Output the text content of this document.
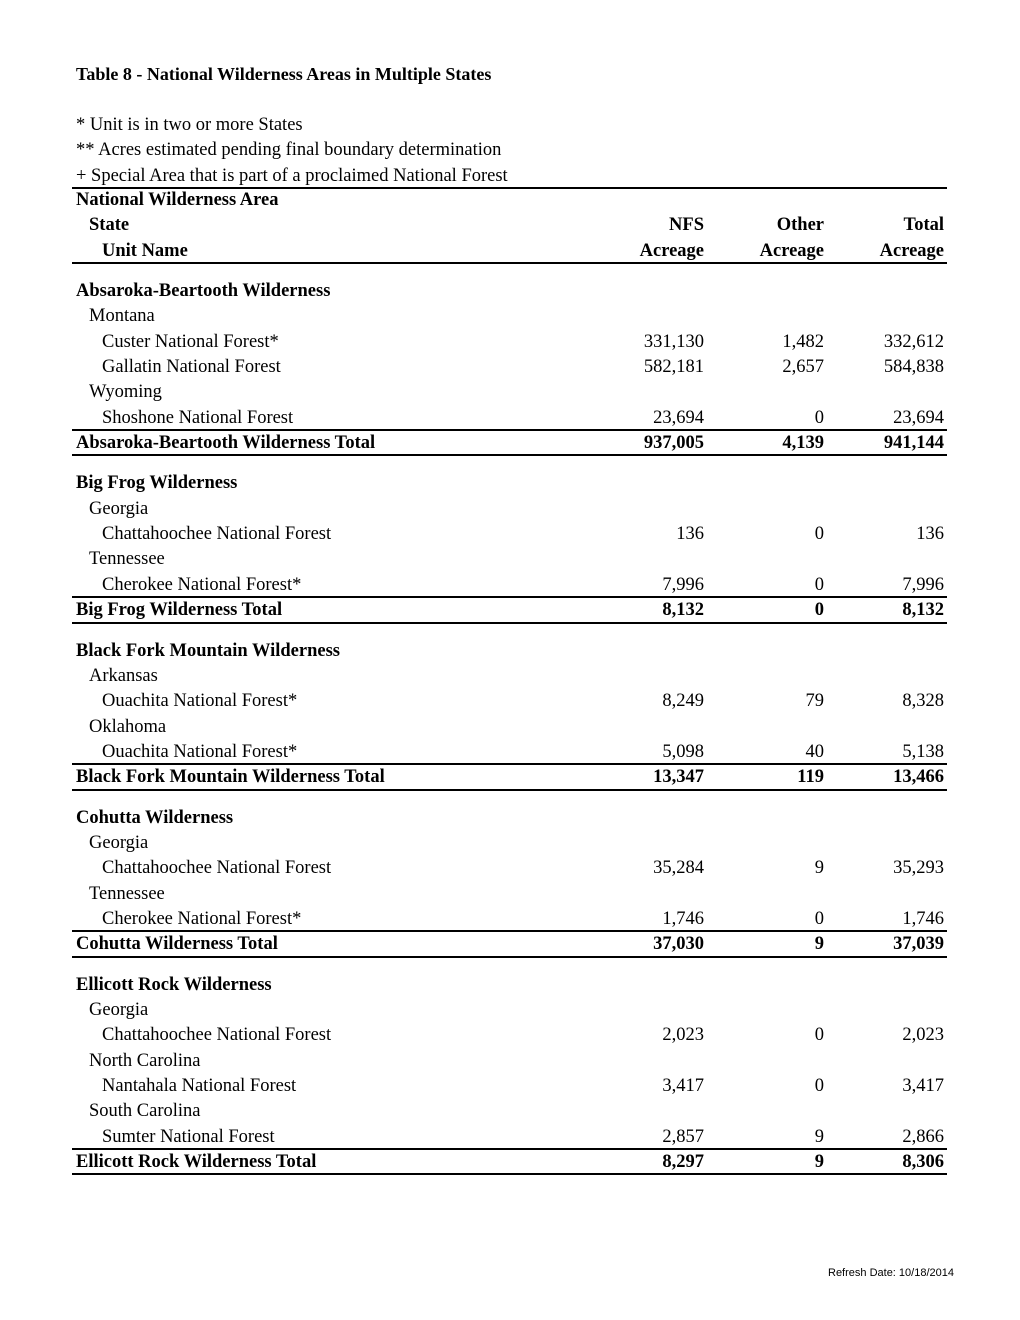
Table 8 - National Wilderness Areas in Multiple States
* Unit is in two or more States
** Acres estimated pending final boundary determination
+ Special Area that is part of a proclaimed National Forest
National Wilderness Area
State	NFS	Other	Total
Unit Name	Acreage	Acreage	Acreage
Absaroka-Beartooth Wilderness
Montana
Custer National Forest*	331,130	1,482	332,612
Gallatin National Forest	582,181	2,657	584,838
Wyoming
Shoshone National Forest	23,694	0	23,694
Absaroka-Beartooth Wilderness Total	937,005	4,139	941,144
Big Frog Wilderness
Georgia
Chattahoochee National Forest	136	0	136
Tennessee
Cherokee National Forest*	7,996	0	7,996
Big Frog Wilderness Total	8,132	0	8,132
Black Fork Mountain Wilderness
Arkansas
Ouachita National Forest*	8,249	79	8,328
Oklahoma
Ouachita National Forest*	5,098	40	5,138
Black Fork Mountain Wilderness Total	13,347	119	13,466
Cohutta Wilderness
Georgia
Chattahoochee National Forest	35,284	9	35,293
Tennessee
Cherokee National Forest*	1,746	0	1,746
Cohutta Wilderness Total	37,030	9	37,039
Ellicott Rock Wilderness
Georgia
Chattahoochee National Forest	2,023	0	2,023
North Carolina
Nantahala National Forest	3,417	0	3,417
South Carolina
Sumter National Forest	2,857	9	2,866
Ellicott Rock Wilderness Total	8,297	9	8,306
Refresh Date: 10/18/2014
